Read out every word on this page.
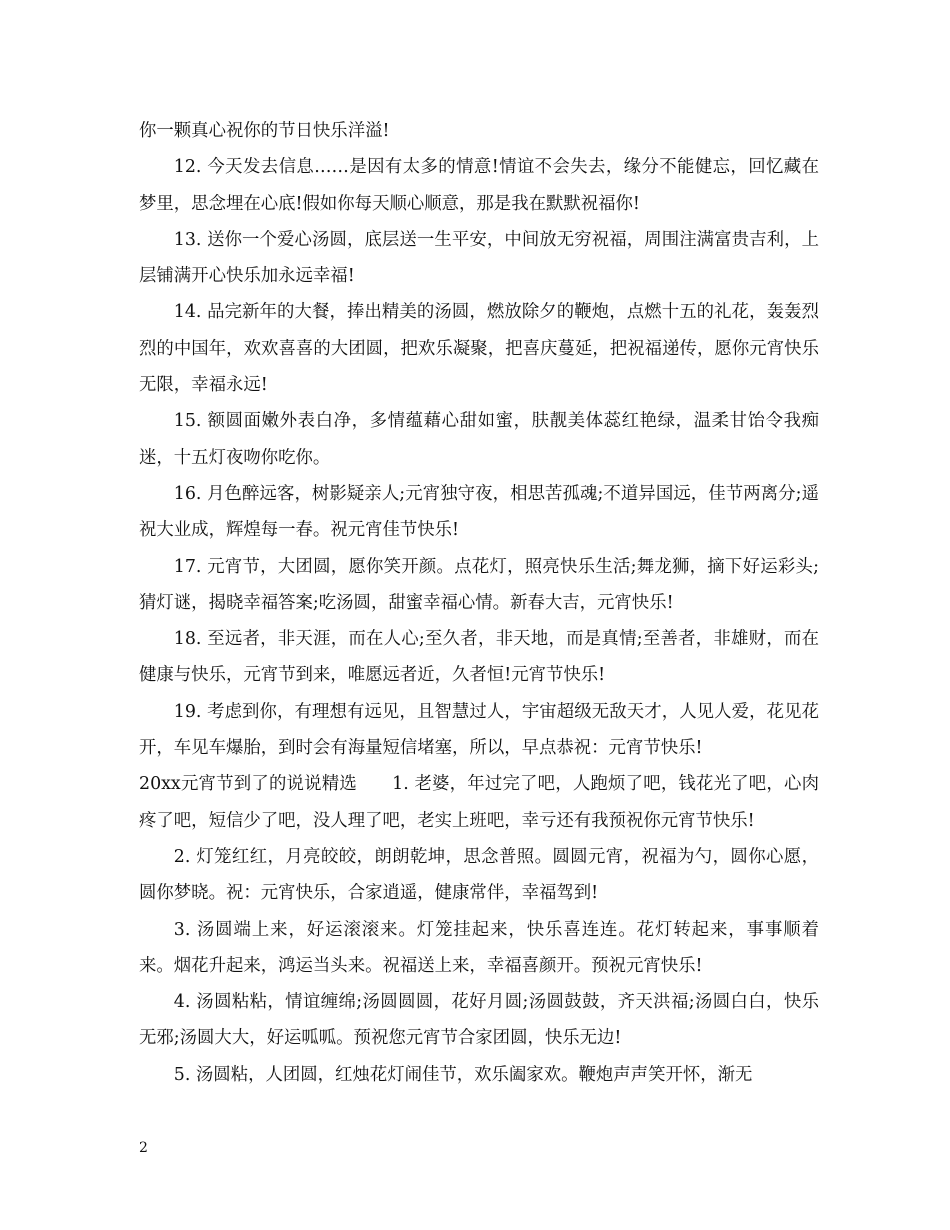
你一颗真心祝你的节日快乐洋溢!

12. 今天发去信息……是因有太多的情意!情谊不会失去，缘分不能健忘，回忆藏在梦里，思念埋在心底!假如你每天顺心顺意，那是我在默默祝福你!

13. 送你一个爱心汤圆，底层送一生平安，中间放无穷祝福，周围注满富贵吉利，上层铺满开心快乐加永远幸福!

14. 品完新年的大餐，捧出精美的汤圆，燃放除夕的鞭炮，点燃十五的礼花，轰轰烈烈的中国年，欢欢喜喜的大团圆，把欢乐凝聚，把喜庆蔓延，把祝福递传，愿你元宵快乐无限，幸福永远!

15. 额圆面嫩外表白净，多情蕴藉心甜如蜜，肤靓美体蕊红艳绿，温柔甘饴令我痴迷，十五灯夜吻你吃你。

16. 月色醉远客，树影疑亲人;元宵独守夜，相思苦孤魂;不道异国远，佳节两离分;遥祝大业成，辉煌每一春。祝元宵佳节快乐!

17. 元宵节，大团圆，愿你笑开颜。点花灯，照亮快乐生活;舞龙狮，摘下好运彩头;猜灯谜，揭晓幸福答案;吃汤圆，甜蜜幸福心情。新春大吉，元宵快乐!

18. 至远者，非天涯，而在人心;至久者，非天地，而是真情;至善者，非雄财，而在健康与快乐，元宵节到来，唯愿远者近，久者恒!元宵节快乐!

19. 考虑到你，有理想有远见，且智慧过人，宇宙超级无敌天才，人见人爱，花见花开，车见车爆胎，到时会有海量短信堵塞，所以，早点恭祝：元宵节快乐!

20xx元宵节到了的说说精选　　1. 老婆，年过完了吧，人跑烦了吧，钱花光了吧，心肉疼了吧，短信少了吧，没人理了吧，老实上班吧，幸亏还有我预祝你元宵节快乐!

2. 灯笼红红，月亮皎皎，朗朗乾坤，思念普照。圆圆元宵，祝福为勺，圆你心愿，圆你梦晓。祝：元宵快乐，合家逍遥，健康常伴，幸福驾到!

3. 汤圆端上来，好运滚滚来。灯笼挂起来，快乐喜连连。花灯转起来，事事顺着来。烟花升起来，鸿运当头来。祝福送上来，幸福喜颜开。预祝元宵快乐!

4. 汤圆粘粘，情谊缠绵;汤圆圆圆，花好月圆;汤圆鼓鼓，齐天洪福;汤圆白白，快乐无邪;汤圆大大，好运呱呱。预祝您元宵节合家团圆，快乐无边!

5. 汤圆粘，人团圆，红烛花灯闹佳节，欢乐阖家欢。鞭炮声声笑开怀，渐无

2
